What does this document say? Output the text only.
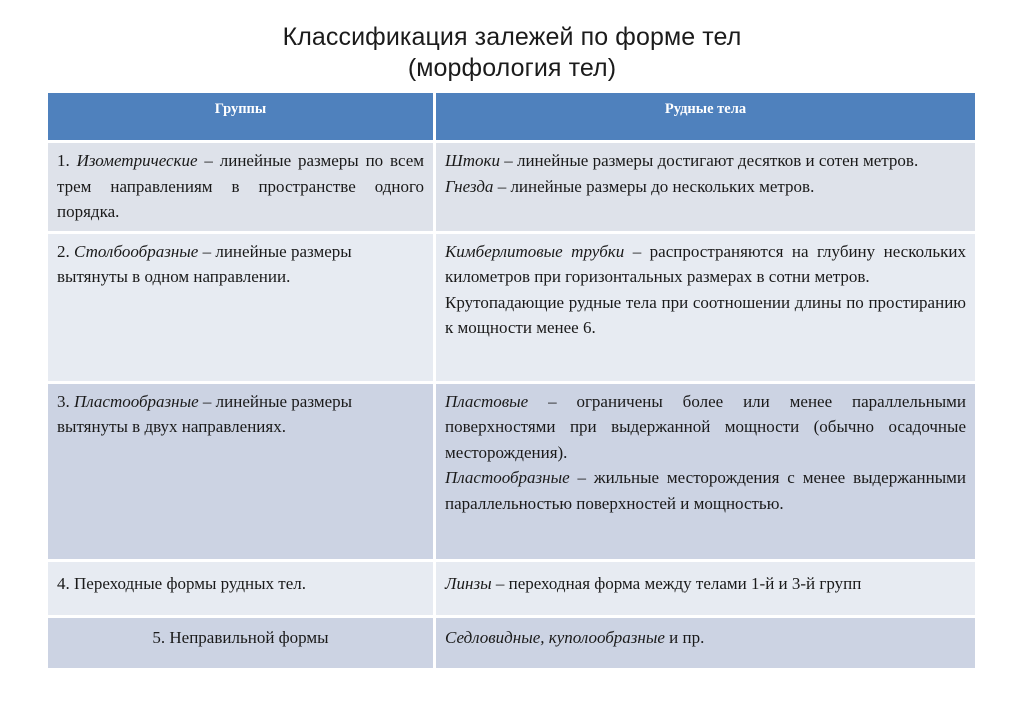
Классификация залежей по форме тел
(морфология тел)
Группы	Рудные тела

1. Изометрические – линейные размеры по всем трем направлениям в пространстве одного порядка.	Штоки – линейные размеры достигают десятков и сотен метров.

Гнезда – линейные размеры до нескольких метров.

2. Столбообразные – линейные размеры вытянуты в одном направлении.	Кимберлитовые трубки – распространяются на глубину нескольких километров при горизонтальных размерах в сотни метров.

Крутопадающие рудные тела при соотношении длины по простиранию к мощности менее 6.

3. Пластообразные – линейные размеры вытянуты в двух направлениях.	Пластовые – ограничены более или менее параллельными поверхностями при выдержанной мощности (обычно осадочные месторождения).

Пластообразные – жильные месторождения с менее выдержанными параллельностью поверхностей и мощностью.

4. Переходные формы рудных тел.	Линзы – переходная форма между телами 1-й и 3-й групп

5. Неправильной формы	Седловидные, куполообразные и пр.
